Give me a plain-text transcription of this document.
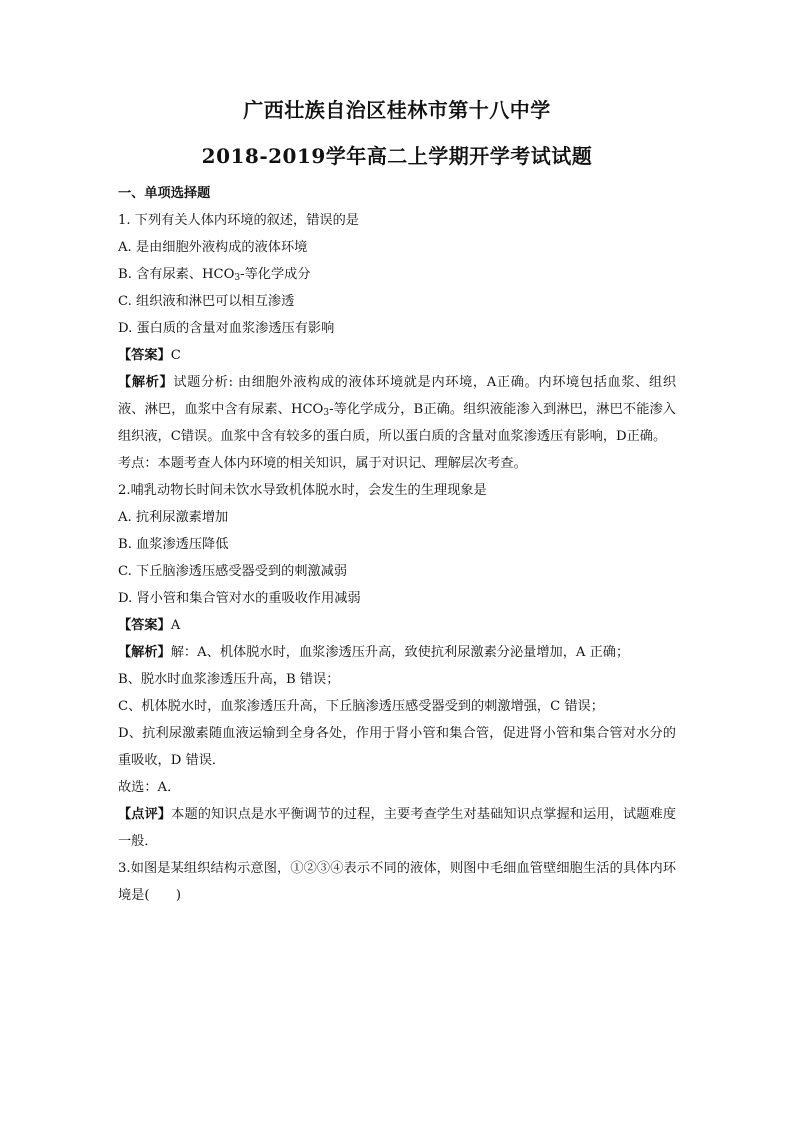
广西壮族自治区桂林市第十八中学
2018-2019学年高二上学期开学考试试题

一、单项选择题

1. 下列有关人体内环境的叙述，错误的是

A. 是由细胞外液构成的液体环境

B. 含有尿素、$HCO_3-$等化学成分

C. 组织液和淋巴可以相互渗透

D. 蛋白质的含量对血浆渗透压有影响

【答案】C

【解析】试题分析: 由细胞外液构成的液体环境就是内环境，A正确。内环境包括血浆、组织液、淋巴，血浆中含有尿素、$HCO_3-$等化学成分，B正确。组织液能渗入到淋巴，淋巴不能渗入组织液，C错误。血浆中含有较多的蛋白质，所以蛋白质的含量对血浆渗透压有影响，D正确。

考点：本题考查人体内环境的相关知识，属于对识记、理解层次考查。

2.哺乳动物长时间未饮水导致机体脱水时，会发生的生理现象是

A. 抗利尿激素增加

B. 血浆渗透压降低

C. 下丘脑渗透压感受器受到的刺激减弱

D. 肾小管和集合管对水的重吸收作用减弱

【答案】A

【解析】解：A、机体脱水时，血浆渗透压升高，致使抗利尿激素分泌量增加，A 正确；

B、脱水时血浆渗透压升高，B 错误；

C、机体脱水时，血浆渗透压升高，下丘脑渗透压感受器受到的刺激增强，C 错误；

D、抗利尿激素随血液运输到全身各处，作用于肾小管和集合管，促进肾小管和集合管对水分的重吸收，D 错误．

故选：A．

【点评】本题的知识点是水平衡调节的过程，主要考查学生对基础知识点掌握和运用，试题难度一般．

3.如图是某组织结构示意图，①②③④表示不同的液体，则图中毛细血管壁细胞生活的具体内环境是(　　)
